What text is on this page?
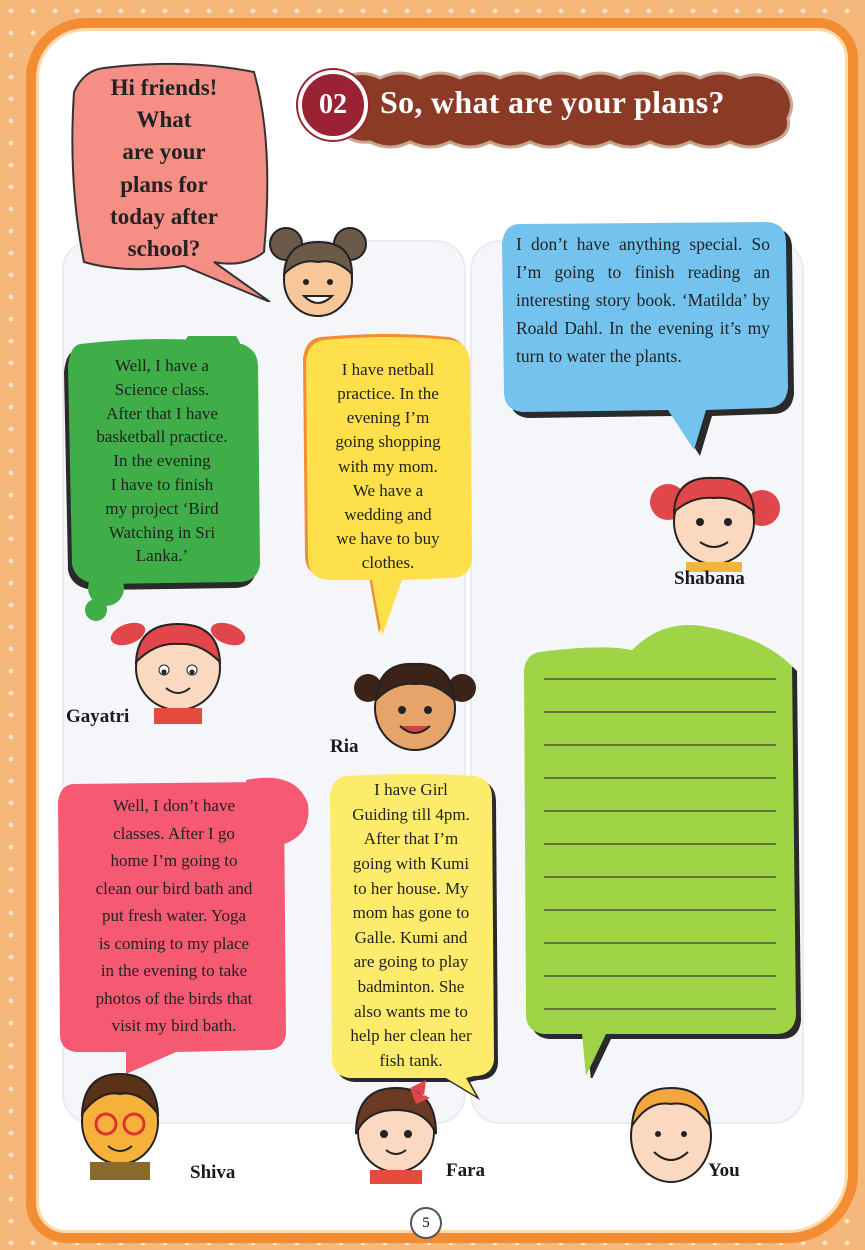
02	So, what are your plans?
Hi friends!
What
are your
plans for
today after
school?	I don’t have anything special. So I’m going to finish reading an interesting story book. ‘Matilda’ by Roald Dahl. In the evening it’s my turn to water the plants.
Well, I have a
Science class.
After that I have
basketball practice.
In the evening
I have to finish
my project ‘Bird
Watching in Sri
Lanka.’
I have netball
practice. In the
evening I’m
going shopping
with my mom.
We have a
wedding and
we have to buy
clothes.
Well, I don’t have
classes. After I go
home I’m going to
clean our bird bath and
put fresh water. Yoga
is coming to my place
in the evening to take
photos of the birds that
visit my bird bath.
I have Girl
Guiding till 4pm.
After that I’m
going with Kumi
to her house. My
mom has gone to
Galle. Kumi and
are going to play
badminton. She
also wants me to
help her clean her
fish tank.
Shabana
Gayatri
Ria
Shiva	Fara	You
5
